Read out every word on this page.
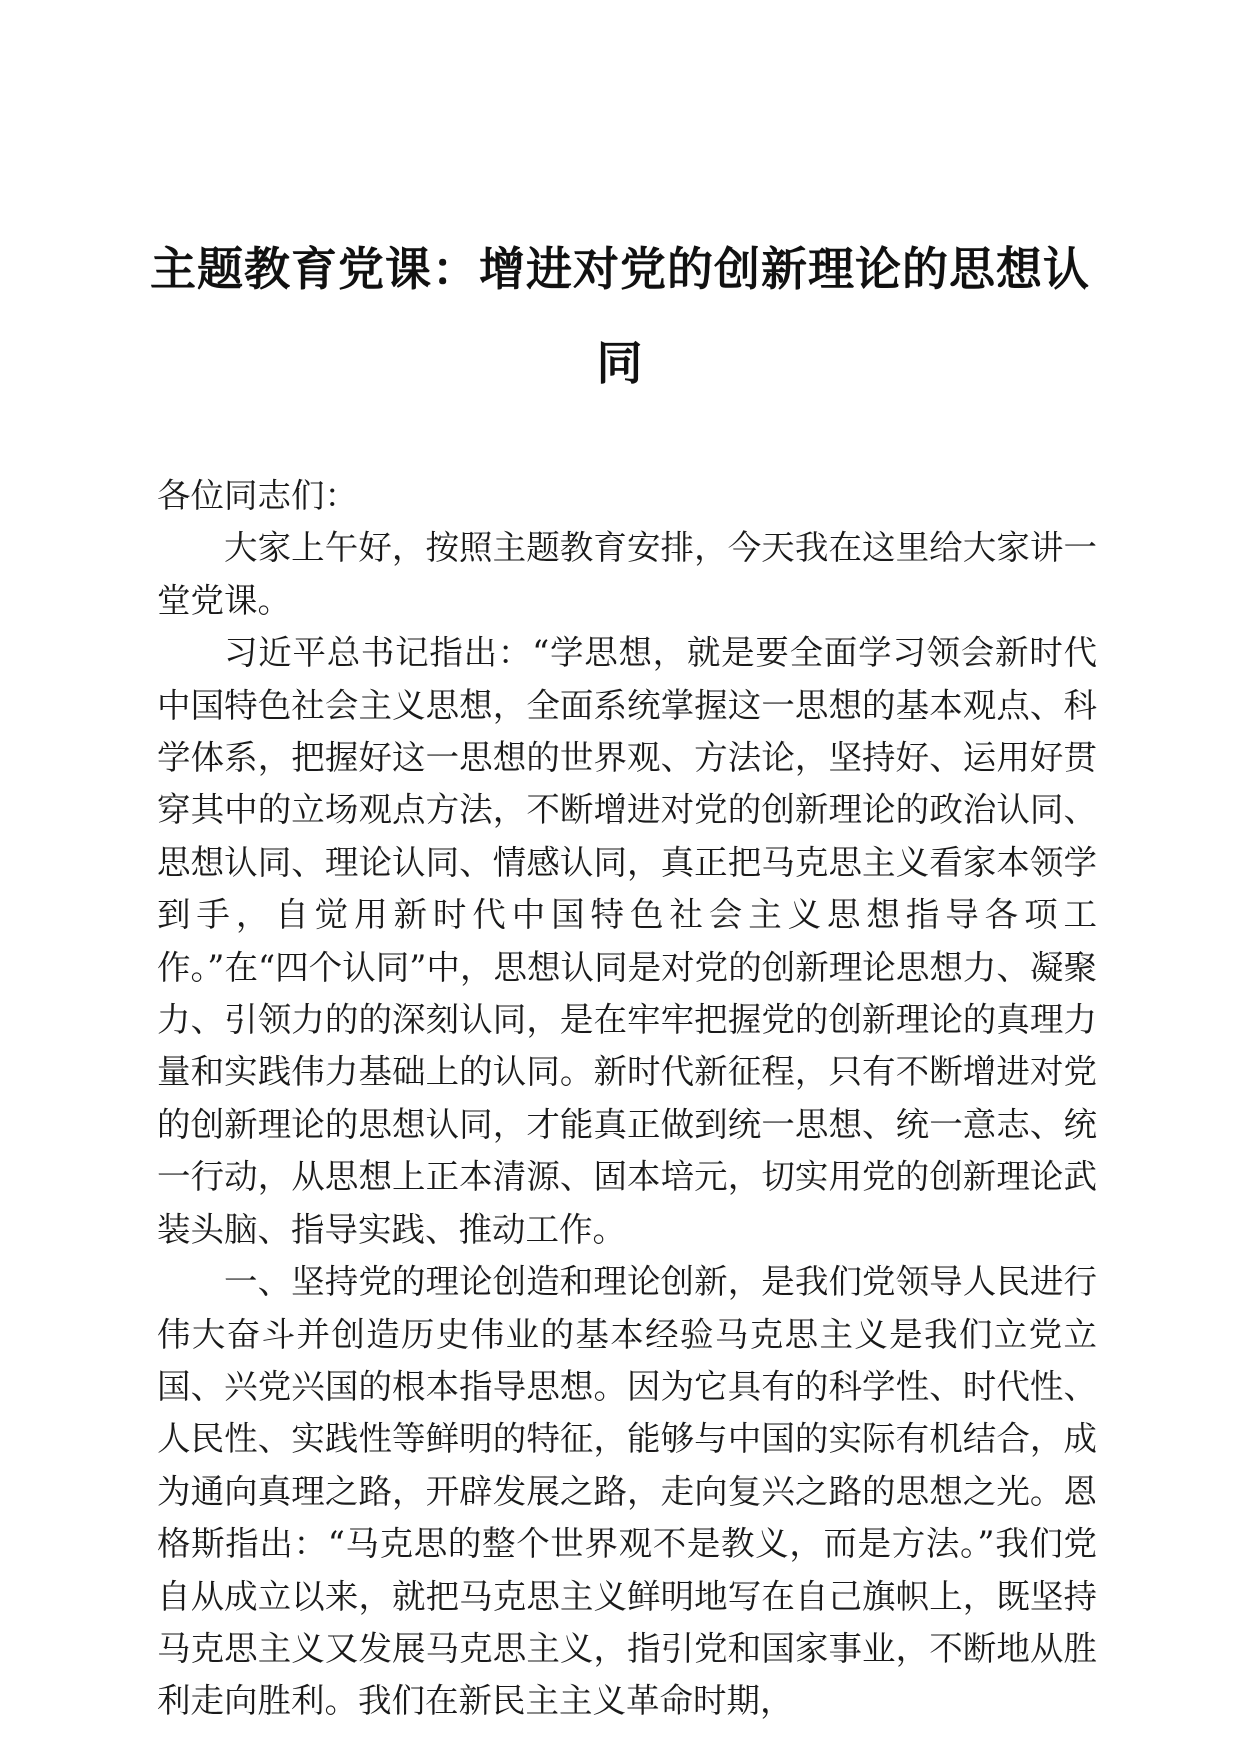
主题教育党课：增进对党的创新理论的思想认同

各位同志们：

大家上午好，按照主题教育安排，今天我在这里给大家讲一堂党课。

习近平总书记指出：“学思想，就是要全面学习领会新时代中国特色社会主义思想，全面系统掌握这一思想的基本观点、科学体系，把握好这一思想的世界观、方法论，坚持好、运用好贯穿其中的立场观点方法，不断增进对党的创新理论的政治认同、思想认同、理论认同、情感认同，真正把马克思主义看家本领学到手，自觉用新时代中国特色社会主义思想指导各项工作。”在“四个认同”中，思想认同是对党的创新理论思想力、凝聚力、引领力的的深刻认同，是在牢牢把握党的创新理论的真理力量和实践伟力基础上的认同。新时代新征程，只有不断增进对党的创新理论的思想认同，才能真正做到统一思想、统一意志、统一行动，从思想上正本清源、固本培元，切实用党的创新理论武装头脑、指导实践、推动工作。

一、坚持党的理论创造和理论创新，是我们党领导人民进行伟大奋斗并创造历史伟业的基本经验马克思主义是我们立党立国、兴党兴国的根本指导思想。因为它具有的科学性、时代性、人民性、实践性等鲜明的特征，能够与中国的实际有机结合，成为通向真理之路，开辟发展之路，走向复兴之路的思想之光。恩格斯指出：“马克思的整个世界观不是教义，而是方法。”我们党自从成立以来，就把马克思主义鲜明地写在自己旗帜上，既坚持马克思主义又发展马克思主义，指引党和国家事业，不断地从胜利走向胜利。我们在新民主主义革命时期，
